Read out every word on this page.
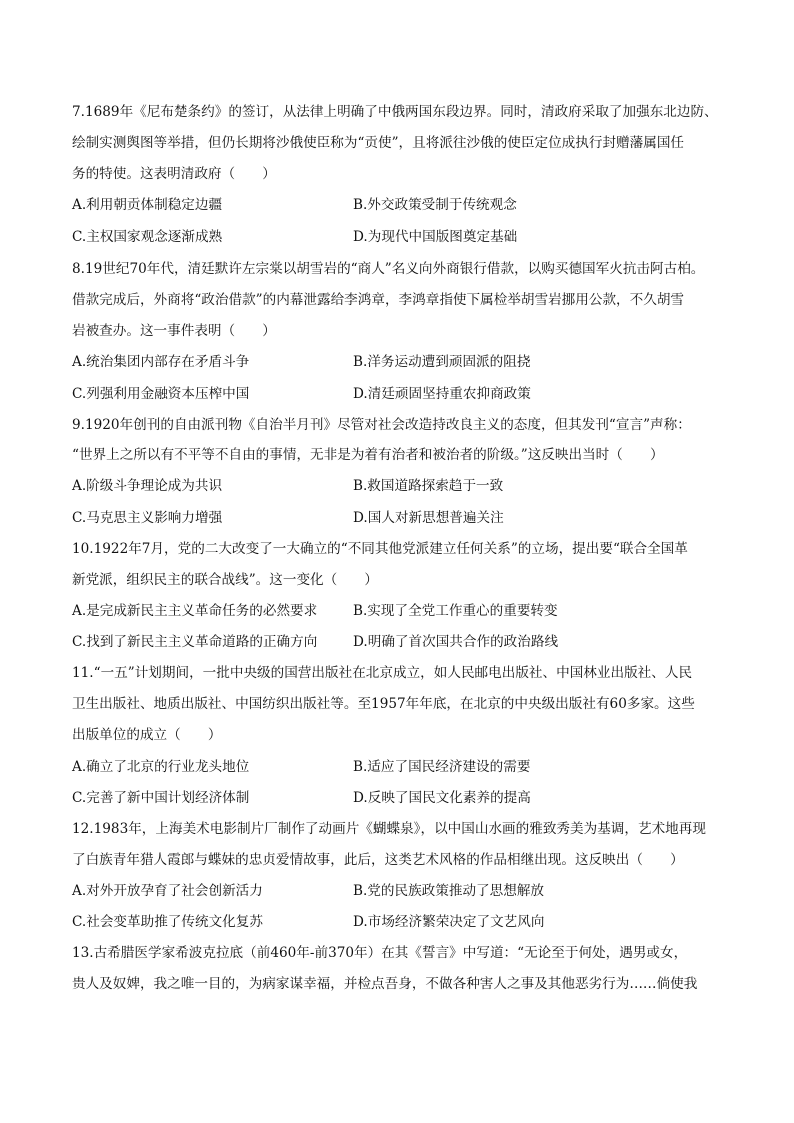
7.1689年《尼布楚条约》的签订，从法律上明确了中俄两国东段边界。同时，清政府采取了加强东北边防、
绘制实测舆图等举措，但仍长期将沙俄使臣称为“贡使”，且将派往沙俄的使臣定位成执行封赠藩属国任
务的特使。这表明清政府（　　）
A.利用朝贡体制稳定边疆	B.外交政策受制于传统观念
C.主权国家观念逐渐成熟	D.为现代中国版图奠定基础
8.19世纪70年代，清廷默许左宗棠以胡雪岩的“商人”名义向外商银行借款，以购买德国军火抗击阿古柏。
借款完成后，外商将“政治借款”的内幕泄露给李鸿章，李鸿章指使下属检举胡雪岩挪用公款，不久胡雪
岩被查办。这一事件表明（　　）
A.统治集团内部存在矛盾斗争	B.洋务运动遭到顽固派的阻挠
C.列强利用金融资本压榨中国	D.清廷顽固坚持重农抑商政策
9.1920年创刊的自由派刊物《自治半月刊》尽管对社会改造持改良主义的态度，但其发刊“宣言”声称：
“世界上之所以有不平等不自由的事情，无非是为着有治者和被治者的阶级。”这反映出当时（　　）
A.阶级斗争理论成为共识	B.救国道路探索趋于一致
C.马克思主义影响力增强	D.国人对新思想普遍关注
10.1922年7月，党的二大改变了一大确立的“不同其他党派建立任何关系”的立场，提出要“联合全国革
新党派，组织民主的联合战线”。这一变化（　　）
A.是完成新民主主义革命任务的必然要求	B.实现了全党工作重心的重要转变
C.找到了新民主主义革命道路的正确方向	D.明确了首次国共合作的政治路线
11.“一五”计划期间，一批中央级的国营出版社在北京成立，如人民邮电出版社、中国林业出版社、人民
卫生出版社、地质出版社、中国纺织出版社等。至1957年年底，在北京的中央级出版社有60多家。这些
出版单位的成立（　　）
A.确立了北京的行业龙头地位	B.适应了国民经济建设的需要
C.完善了新中国计划经济体制	D.反映了国民文化素养的提高
12.1983年，上海美术电影制片厂制作了动画片《蝴蝶泉》，以中国山水画的雅致秀美为基调，艺术地再现
了白族青年猎人霞郎与蝶妹的忠贞爱情故事，此后，这类艺术风格的作品相继出现。这反映出（　　）
A.对外开放孕育了社会创新活力	B.党的民族政策推动了思想解放
C.社会变革助推了传统文化复苏	D.市场经济繁荣决定了文艺风向
13.古希腊医学家希波克拉底（前460年-前370年）在其《誓言》中写道：“无论至于何处，遇男或女，
贵人及奴婢，我之唯一目的，为病家谋幸福，并检点吾身，不做各种害人之事及其他恶劣行为……倘使我
